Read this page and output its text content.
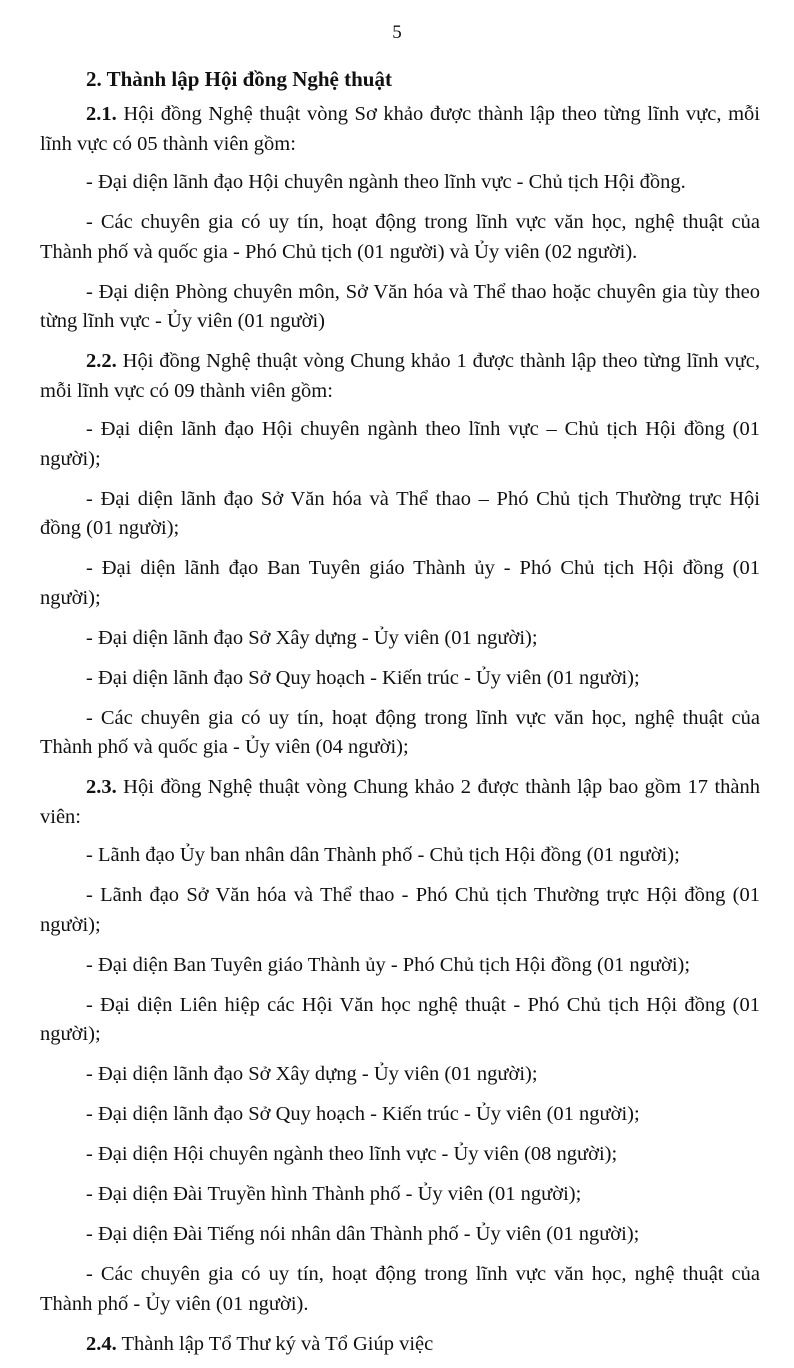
5
2. Thành lập Hội đồng Nghệ thuật

2.1. Hội đồng Nghệ thuật vòng Sơ khảo được thành lập theo từng lĩnh vực, mỗi lĩnh vực có 05 thành viên gồm:

- Đại diện lãnh đạo Hội chuyên ngành theo lĩnh vực - Chủ tịch Hội đồng.

- Các chuyên gia có uy tín, hoạt động trong lĩnh vực văn học, nghệ thuật của Thành phố và quốc gia - Phó Chủ tịch (01 người) và Ủy viên (02 người).

- Đại diện Phòng chuyên môn, Sở Văn hóa và Thể thao hoặc chuyên gia tùy theo từng lĩnh vực - Ủy viên (01 người)

2.2. Hội đồng Nghệ thuật vòng Chung khảo 1 được thành lập theo từng lĩnh vực, mỗi lĩnh vực có 09 thành viên gồm:

- Đại diện lãnh đạo Hội chuyên ngành theo lĩnh vực – Chủ tịch Hội đồng (01 người);

- Đại diện lãnh đạo Sở Văn hóa và Thể thao – Phó Chủ tịch Thường trực Hội đồng (01 người);

- Đại diện lãnh đạo Ban Tuyên giáo Thành ủy - Phó Chủ tịch Hội đồng (01 người);

- Đại diện lãnh đạo Sở Xây dựng - Ủy viên (01 người);

- Đại diện lãnh đạo Sở Quy hoạch - Kiến trúc - Ủy viên (01 người);

- Các chuyên gia có uy tín, hoạt động trong lĩnh vực văn học, nghệ thuật của Thành phố và quốc gia - Ủy viên (04 người);

2.3. Hội đồng Nghệ thuật vòng Chung khảo 2 được thành lập bao gồm 17 thành viên:

- Lãnh đạo Ủy ban nhân dân Thành phố - Chủ tịch Hội đồng (01 người);

- Lãnh đạo Sở Văn hóa và Thể thao - Phó Chủ tịch Thường trực Hội đồng (01 người);

- Đại diện Ban Tuyên giáo Thành ủy - Phó Chủ tịch Hội đồng (01 người);

- Đại diện Liên hiệp các Hội Văn học nghệ thuật - Phó Chủ tịch Hội đồng (01 người);

- Đại diện lãnh đạo Sở Xây dựng - Ủy viên (01 người);

- Đại diện lãnh đạo Sở Quy hoạch - Kiến trúc - Ủy viên (01 người);

- Đại diện Hội chuyên ngành theo lĩnh vực - Ủy viên (08 người);

- Đại diện Đài Truyền hình Thành phố - Ủy viên (01 người);

- Đại diện Đài Tiếng nói nhân dân Thành phố - Ủy viên (01 người);

- Các chuyên gia có uy tín, hoạt động trong lĩnh vực văn học, nghệ thuật của Thành phố - Ủy viên (01 người).

2.4. Thành lập Tổ Thư ký và Tổ Giúp việc
